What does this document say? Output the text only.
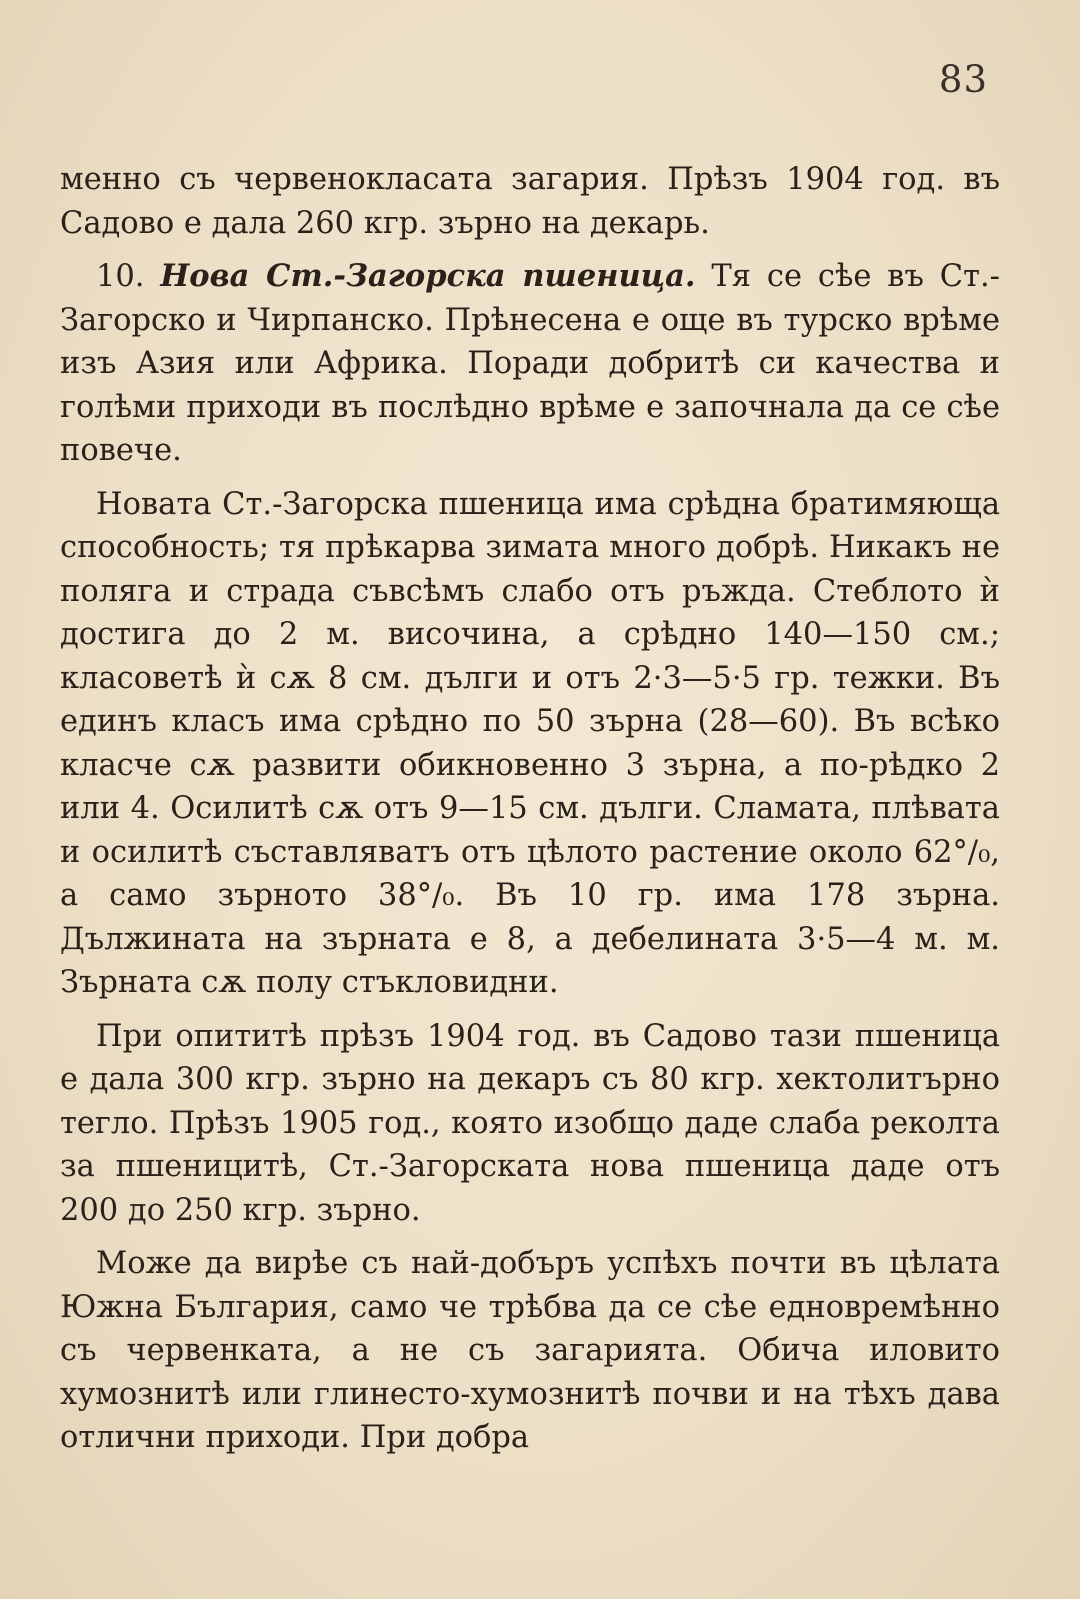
83

менно съ червенокласата загария. Прѣзъ 1904 год. въ Садово е дала 260 кгр. зърно на декарь.

10. Нова Ст.-Загорска пшеница. Тя се сѣе въ Ст.-Загорско и Чирпанско. Прѣнесена е още въ турско врѣме изъ Азия или Африка. Поради добритѣ си качества и голѣми приходи въ послѣдно врѣме е започнала да се сѣе повече.

Новата Ст.-Загорска пшеница има срѣдна братимяюща способность; тя прѣкарва зимата много добрѣ. Никакъ не поляга и страда съвсѣмъ слабо отъ ръжда. Стеблото ѝ достига до 2 м. височина, а срѣдно 140—150 см.; класоветѣ ѝ сѫ 8 см. дълги и отъ 2·3—5·5 гр. тежки. Въ единъ класъ има срѣдно по 50 зърна (28—60). Въ всѣко класче сѫ развити обикновенно 3 зърна, а по-рѣдко 2 или 4. Осилитѣ сѫ отъ 9—15 см. дълги. Сламата, плѣвата и осилитѣ съставляватъ отъ цѣлото растение около 62°/₀, а само зърното 38°/₀. Въ 10 гр. има 178 зърна. Дължината на зърната е 8, а дебелината 3·5—4 м. м. Зърната сѫ полу стъкловидни.

При опититѣ прѣзъ 1904 год. въ Садово тази пшеница е дала 300 кгр. зърно на декаръ съ 80 кгр. хектолитърно тегло. Прѣзъ 1905 год., която изобщо даде слаба реколта за пшеницитѣ, Ст.-Загорската нова пшеница даде отъ 200 до 250 кгр. зърно.

Може да вирѣе съ най-добъръ успѣхъ почти въ цѣлата Южна България, само че трѣбва да се сѣе едновремѣнно съ червенката, а не съ загарията. Обича иловито хумознитѣ или глинесто-хумознитѣ почви и на тѣхъ дава отлични приходи. При добра
